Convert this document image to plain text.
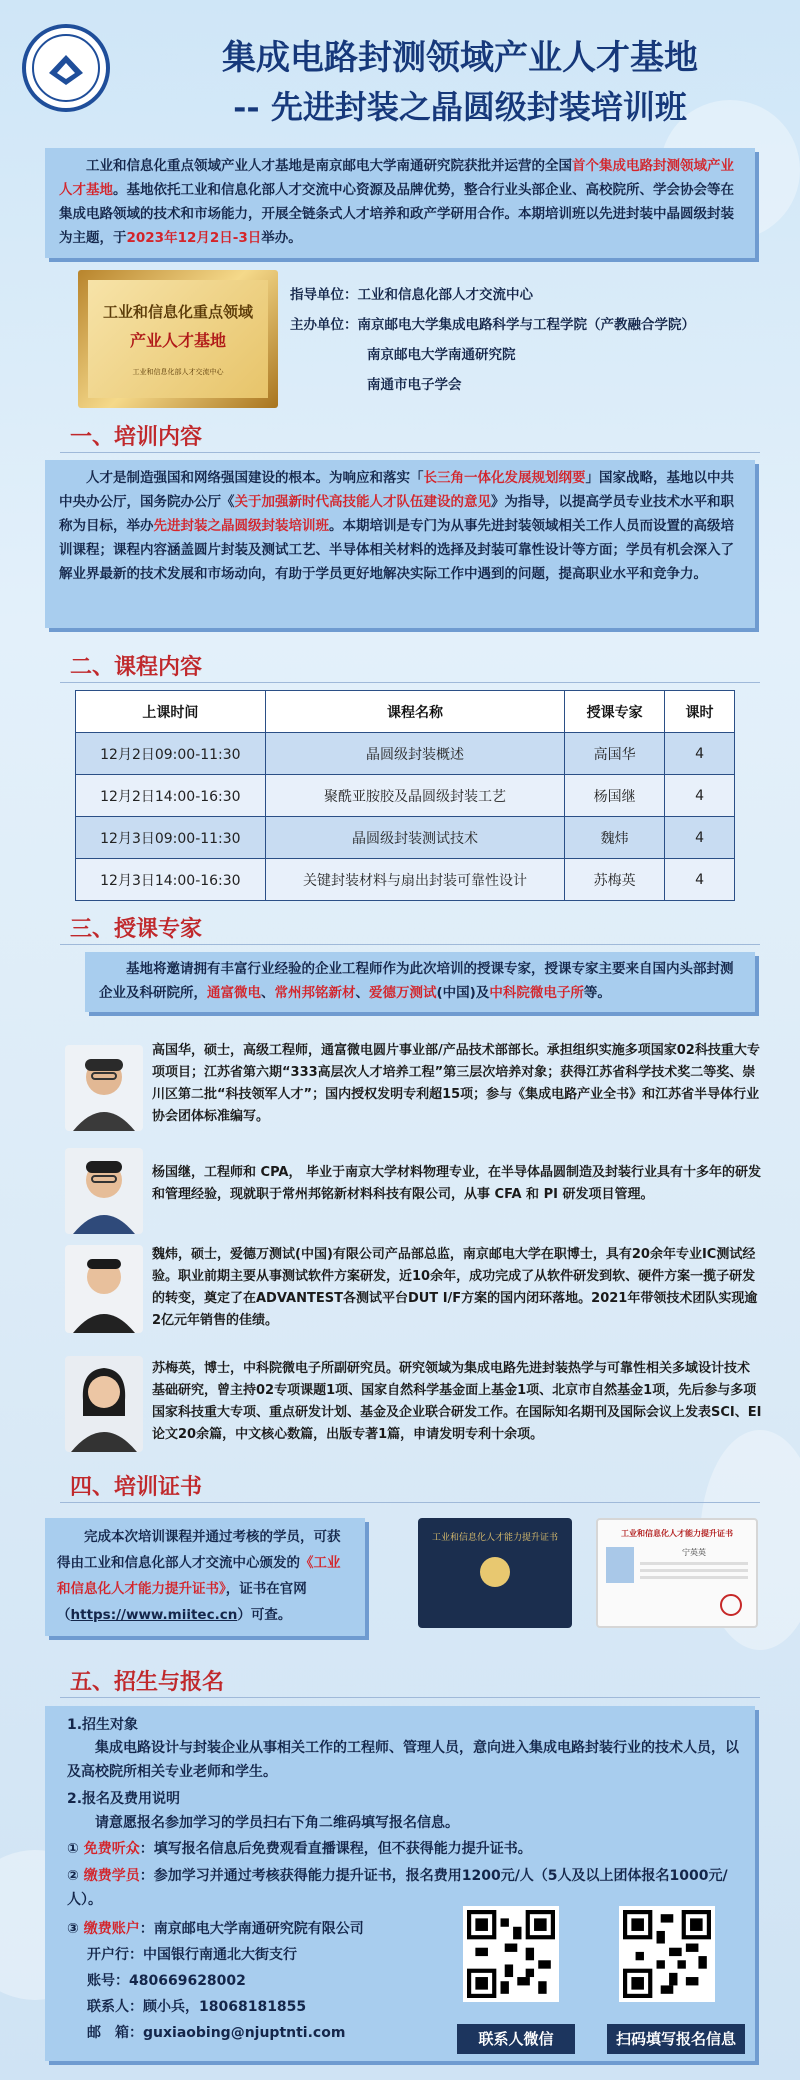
集成电路封测领域产业人才基地
-- 先进封装之晶圆级封装培训班

工业和信息化重点领域产业人才基地是南京邮电大学南通研究院获批并运营的全国首个集成电路封测领域产业人才基地。基地依托工业和信息化部人才交流中心资源及品牌优势，整合行业头部企业、高校院所、学会协会等在集成电路领域的技术和市场能力，开展全链条式人才培养和政产学研用合作。本期培训班以先进封装中晶圆级封装为主题，于2023年12月2日-3日举办。

工业和信息化重点领域
产业人才基地
工业和信息化部人才交流中心
指导单位：工业和信息化部人才交流中心
主办单位：南京邮电大学集成电路科学与工程学院（产教融合学院）
南京邮电大学南通研究院
南通市电子学会
一、培训内容

人才是制造强国和网络强国建设的根本。为响应和落实「长三角一体化发展规划纲要」国家战略，基地以中共中央办公厅，国务院办公厅《关于加强新时代高技能人才队伍建设的意见》为指导，以提高学员专业技术水平和职称为目标，举办先进封装之晶圆级封装培训班。本期培训是专门为从事先进封装领域相关工作人员而设置的高级培训课程；课程内容涵盖圆片封装及测试工艺、半导体相关材料的选择及封装可靠性设计等方面；学员有机会深入了解业界最新的技术发展和市场动向，有助于学员更好地解决实际工作中遇到的问题，提高职业水平和竞争力。

二、课程内容
上课时间	课程名称	授课专家	课时
12月2日09:00-11:30	晶圆级封装概述	高国华	4
12月2日14:00-16:30	聚酰亚胺胶及晶圆级封装工艺	杨国继	4
12月3日09:00-11:30	晶圆级封装测试技术	魏炜	4
12月3日14:00-16:30	关键封装材料与扇出封装可靠性设计	苏梅英	4
三、授课专家

基地将邀请拥有丰富行业经验的企业工程师作为此次培训的授课专家，授课专家主要来自国内头部封测企业及科研院所，通富微电、常州邦铭新材、爱德万测试(中国)及中科院微电子所等。

高国华，硕士，高级工程师，通富微电圆片事业部/产品技术部部长。承担组织实施多项国家02科技重大专项项目；江苏省第六期“333高层次人才培养工程”第三层次培养对象；获得江苏省科学技术奖二等奖、崇川区第二批“科技领军人才”；国内授权发明专利超15项；参与《集成电路产业全书》和江苏省半导体行业协会团体标准编写。
杨国继，工程师和 CPA， 毕业于南京大学材料物理专业，在半导体晶圆制造及封装行业具有十多年的研发和管理经验，现就职于常州邦铭新材料科技有限公司，从事 CFA 和 PI 研发项目管理。
魏炜，硕士，爱德万测试(中国)有限公司产品部总监，南京邮电大学在职博士，具有20余年专业IC测试经验。职业前期主要从事测试软件方案研发，近10余年，成功完成了从软件研发到软、硬件方案一揽子研发的转变，奠定了在ADVANTEST各测试平台DUT I/F方案的国内闭环落地。2021年带领技术团队实现逾2亿元年销售的佳绩。
苏梅英，博士，中科院微电子所副研究员。研究领域为集成电路先进封装热学与可靠性相关多域设计技术基础研究，曾主持02专项课题1项、国家自然科学基金面上基金1项、北京市自然基金1项，先后参与多项国家科技重大专项、重点研发计划、基金及企业联合研发工作。在国际知名期刊及国际会议上发表SCI、EI论文20余篇，中文核心数篇，出版专著1篇，申请发明专利十余项。
四、培训证书

完成本次培训课程并通过考核的学员，可获得由工业和信息化部人才交流中心颁发的《工业和信息化人才能力提升证书》，证书在官网（https://www.miitec.cn）可查。

工业和信息化人才能力提升证书	工业和信息化人才能力提升证书
宁英英
五、招生与报名
1.招生对象
集成电路设计与封装企业从事相关工作的工程师、管理人员，意向进入集成电路封装行业的技术人员，以及高校院所相关专业老师和学生。
2.报名及费用说明
请意愿报名参加学习的学员扫右下角二维码填写报名信息。
① 免费听众：填写报名信息后免费观看直播课程，但不获得能力提升证书。
② 缴费学员：参加学习并通过考核获得能力提升证书，报名费用1200元/人（5人及以上团体报名1000元/人）。
③ 缴费账户：南京邮电大学南通研究院有限公司
开户行：中国银行南通北大街支行
账号：480669628002
联系人：顾小兵，18068181855
邮　箱：guxiaobing@njuptnti.com	联系人微信	扫码填写报名信息
